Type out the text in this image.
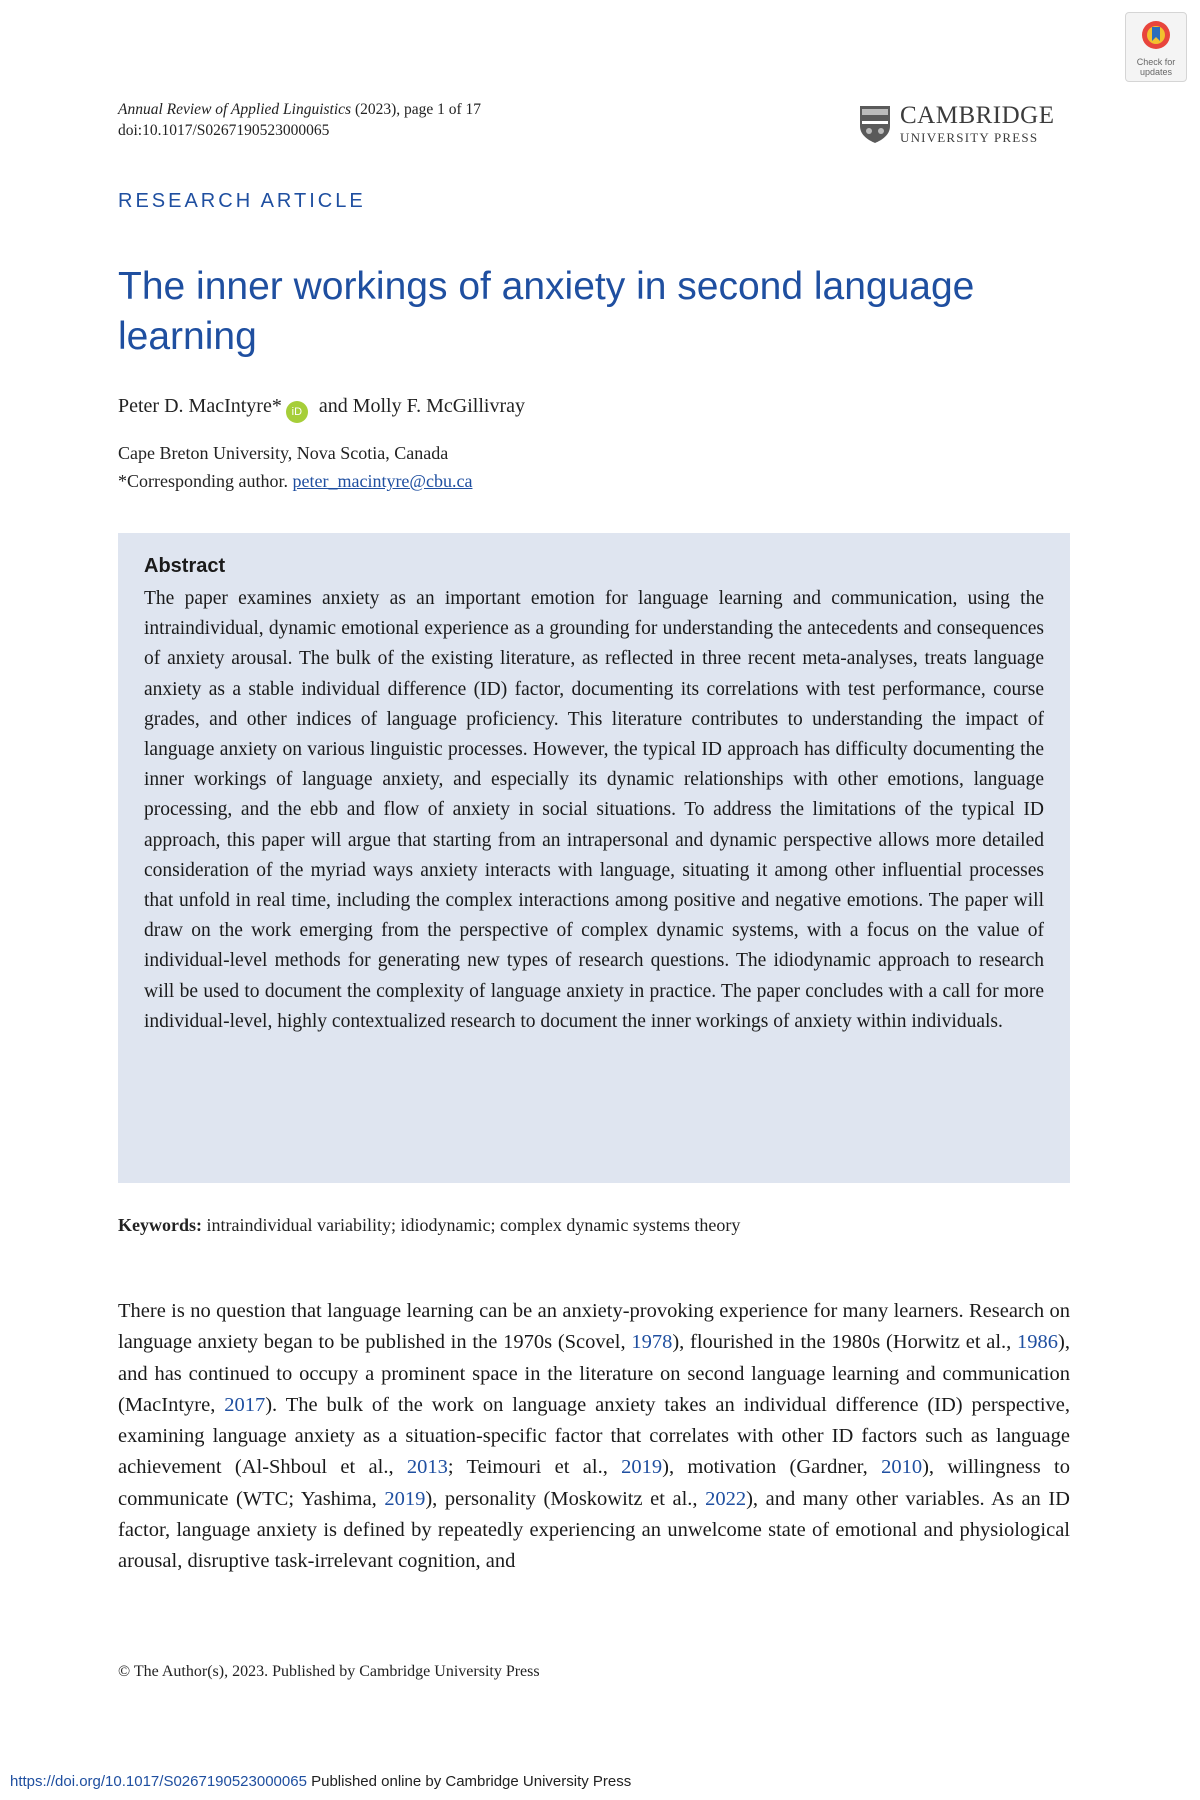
Check for updates
Annual Review of Applied Linguistics (2023), page 1 of 17
doi:10.1017/S0267190523000065
CAMBRIDGE
UNIVERSITY PRESS
RESEARCH ARTICLE
The inner workings of anxiety in second language learning
Peter D. MacIntyre* iD and Molly F. McGillivray
Cape Breton University, Nova Scotia, Canada
*Corresponding author. peter_macintyre@cbu.ca
Abstract

The paper examines anxiety as an important emotion for language learning and communication, using the intraindividual, dynamic emotional experience as a grounding for understanding the antecedents and consequences of anxiety arousal. The bulk of the existing literature, as reflected in three recent meta-analyses, treats language anxiety as a stable individual difference (ID) factor, documenting its correlations with test performance, course grades, and other indices of language proficiency. This literature contributes to understanding the impact of language anxiety on various linguistic processes. However, the typical ID approach has difficulty documenting the inner workings of language anxiety, and especially its dynamic relationships with other emotions, language processing, and the ebb and flow of anxiety in social situations. To address the limitations of the typical ID approach, this paper will argue that starting from an intrapersonal and dynamic perspective allows more detailed consideration of the myriad ways anxiety interacts with language, situating it among other influential processes that unfold in real time, including the complex interactions among positive and negative emotions. The paper will draw on the work emerging from the perspective of complex dynamic systems, with a focus on the value of individual-level methods for generating new types of research questions. The idiodynamic approach to research will be used to document the complexity of language anxiety in practice. The paper concludes with a call for more individual-level, highly contextualized research to document the inner workings of anxiety within individuals.

Keywords: intraindividual variability; idiodynamic; complex dynamic systems theory

There is no question that language learning can be an anxiety-provoking experience for many learners. Research on language anxiety began to be published in the 1970s (Scovel, 1978), flourished in the 1980s (Horwitz et al., 1986), and has continued to occupy a prominent space in the literature on second language learning and communication (MacIntyre, 2017). The bulk of the work on language anxiety takes an individual difference (ID) perspective, examining language anxiety as a situation-specific factor that correlates with other ID factors such as language achievement (Al-Shboul et al., 2013; Teimouri et al., 2019), motivation (Gardner, 2010), willingness to communicate (WTC; Yashima, 2019), personality (Moskowitz et al., 2022), and many other variables. As an ID factor, language anxiety is defined by repeatedly experiencing an unwelcome state of emotional and physiological arousal, disruptive task-irrelevant cognition, and

© The Author(s), 2023. Published by Cambridge University Press
https://doi.org/10.1017/S0267190523000065 Published online by Cambridge University Press
